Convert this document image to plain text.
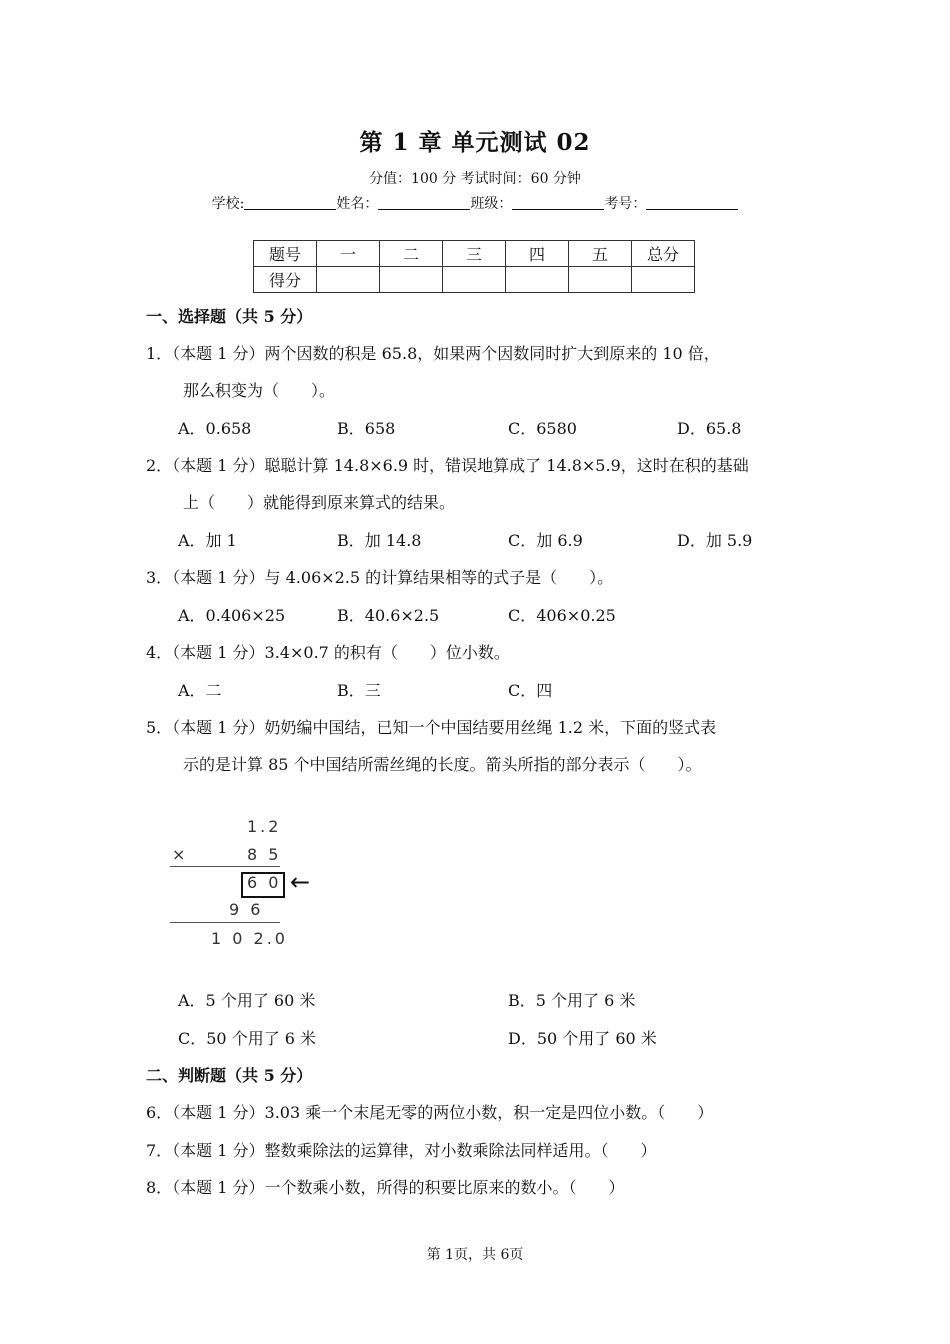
第 1 章 单元测试 02
分值：100 分 考试时间：60 分钟
学校:	姓名：	班级：	考号：
题号	一	二	三	四	五	总分
得分						
一、选择题（共 5 分）
1．（本题 1 分）两个因数的积是 65.8，如果两个因数同时扩大到原来的 10 倍，
那么积变为（　　）。
A．0.658	B．658	C．6580	D．65.8
2．（本题 1 分）聪聪计算 14.8×6.9 时，错误地算成了 14.8×5.9，这时在积的基础
上（　　）就能得到原来算式的结果。
A．加 1	B．加 14.8	C．加 6.9	D．加 5.9
3．（本题 1 分）与 4.06×2.5 的计算结果相等的式子是（　　）。
A．0.406×25	B．40.6×2.5	C．406×0.25
4．（本题 1 分）3.4×0.7 的积有（　　）位小数。
A．二	B．三	C．四
5．（本题 1 分）奶奶编中国结，已知一个中国结要用丝绳 1.2 米，下面的竖式表
示的是计算 85 个中国结所需丝绳的长度。箭头所指的部分表示（　　）。
1.2
×	8 5
6 0 ←
9 6
1 0 2.0
A．5 个用了 60 米	B．5 个用了 6 米
C．50 个用了 6 米	D．50 个用了 60 米
二、判断题（共 5 分）
6．（本题 1 分）3.03 乘一个末尾无零的两位小数，积一定是四位小数。（　　）
7．（本题 1 分）整数乘除法的运算律，对小数乘除法同样适用。（　　）
8．（本题 1 分）一个数乘小数，所得的积要比原来的数小。（　　）
第 1页，共 6页
